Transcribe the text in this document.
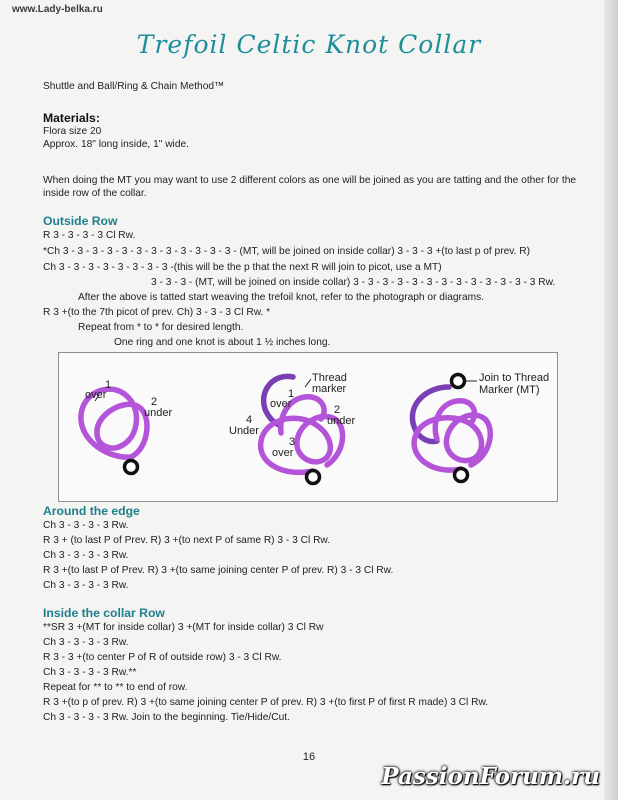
www.Lady-belka.ru
Trefoil Celtic Knot Collar
Shuttle and Ball/Ring & Chain Method™
Materials:
Flora size 20
Approx. 18" long inside, 1" wide.
When doing the MT you may want to use 2 different colors as one will be joined as you are tatting and the other for the inside row of the collar.
Outside Row
R 3 - 3 - 3 - 3 Cl Rw.
*Ch 3 - 3 - 3 - 3 - 3 - 3 - 3 - 3 - 3 - 3 - 3 - 3 - (MT, will be joined on inside collar) 3 - 3 - 3 +(to last p of prev. R)
Ch 3 - 3 - 3 - 3 - 3 - 3 - 3 - 3 -(this will be the p that the next R will join to picot, use a MT)
3 - 3 - 3 - (MT, will be joined on inside collar) 3 - 3 - 3 - 3 - 3 - 3 - 3 - 3 - 3 - 3 - 3 - 3 - 3 Rw.
After the above is tatted start weaving the trefoil knot, refer to the photograph or diagrams.
R 3 +(to the 7th picot of prev. Ch) 3 - 3 - 3 Cl Rw. *
Repeat from * to * for desired length.
One ring and one knot is about 1 ½ inches long.
1
over
2
under
Thread
marker
1
over	2
under
4
Under
3
over
Join to Thread
Marker (MT)
Around the edge
Ch 3 - 3 - 3 - 3 Rw.
R 3 + (to last P of Prev. R) 3 +(to next P of same R) 3 - 3 Cl Rw.
Ch 3 - 3 - 3 - 3 Rw.
R 3 +(to last P of Prev. R) 3 +(to same joining center P of prev. R) 3 - 3 Cl Rw.
Ch 3 - 3 - 3 - 3 Rw.
Inside the collar Row
**SR 3 +(MT for inside collar) 3 +(MT for inside collar) 3 Cl Rw
Ch 3 - 3 - 3 - 3 Rw.
R 3 - 3 +(to center P of R of outside row) 3 - 3 Cl Rw.
Ch 3 - 3 - 3 - 3 Rw.**
Repeat for ** to ** to end of row.
R 3 +(to p of prev. R) 3 +(to same joining center P of prev. R) 3 +(to first P of first R made) 3 Cl Rw.
Ch 3 - 3 - 3 - 3 Rw. Join to the beginning. Tie/Hide/Cut.
16
PassionForum.ru
